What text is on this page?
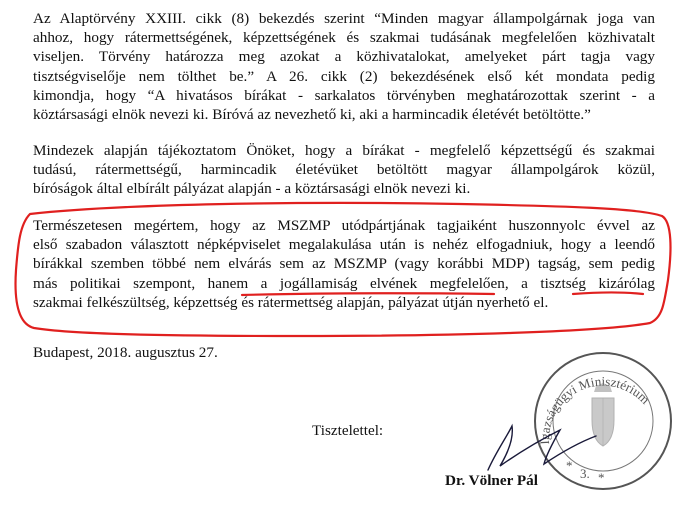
Az Alaptörvény XXIII. cikk (8) bekezdés szerint “Minden magyar állampolgárnak joga van
ahhoz, hogy rátermettségének, képzettségének és szakmai tudásának megfelelően közhivatalt
viseljen. Törvény határozza meg azokat a közhivatalokat, amelyeket párt tagja vagy
tisztségviselője nem tölthet be.” A 26. cikk (2) bekezdésének első két mondata pedig
kimondja, hogy “A hivatásos bírákat - sarkalatos törvényben meghatározottak szerint - a
köztársasági elnök nevezi ki. Bíróvá az nevezhető ki, aki a harmincadik életévét betöltötte.”
Mindezek alapján tájékoztatom Önöket, hogy a bírákat - megfelelő képzettségű és szakmai
tudású, rátermettségű, harmincadik életévüket betöltött magyar állampolgárok közül,
bíróságok által elbírált pályázat alapján - a köztársasági elnök nevezi ki.
Természetesen megértem, hogy az MSZMP utódpártjának tagjaiként huszonnyolc évvel az
első szabadon választott népképviselet megalakulása után is nehéz elfogadniuk, hogy a leendő
bírákkal szemben többé nem elvárás sem az MSZMP (vagy korábbi MDP) tagság, sem pedig
más politikai szempont, hanem a jogállamiság elvének megfelelően, a tisztség kizárólag
szakmai felkészültség, képzettség és rátermettség alapján, pályázat útján nyerhető el.
Budapest, 2018. augusztus 27.
Tisztelettel:
Dr. Völner Pál
Igazságügyi Minisztérium
*
3. *
